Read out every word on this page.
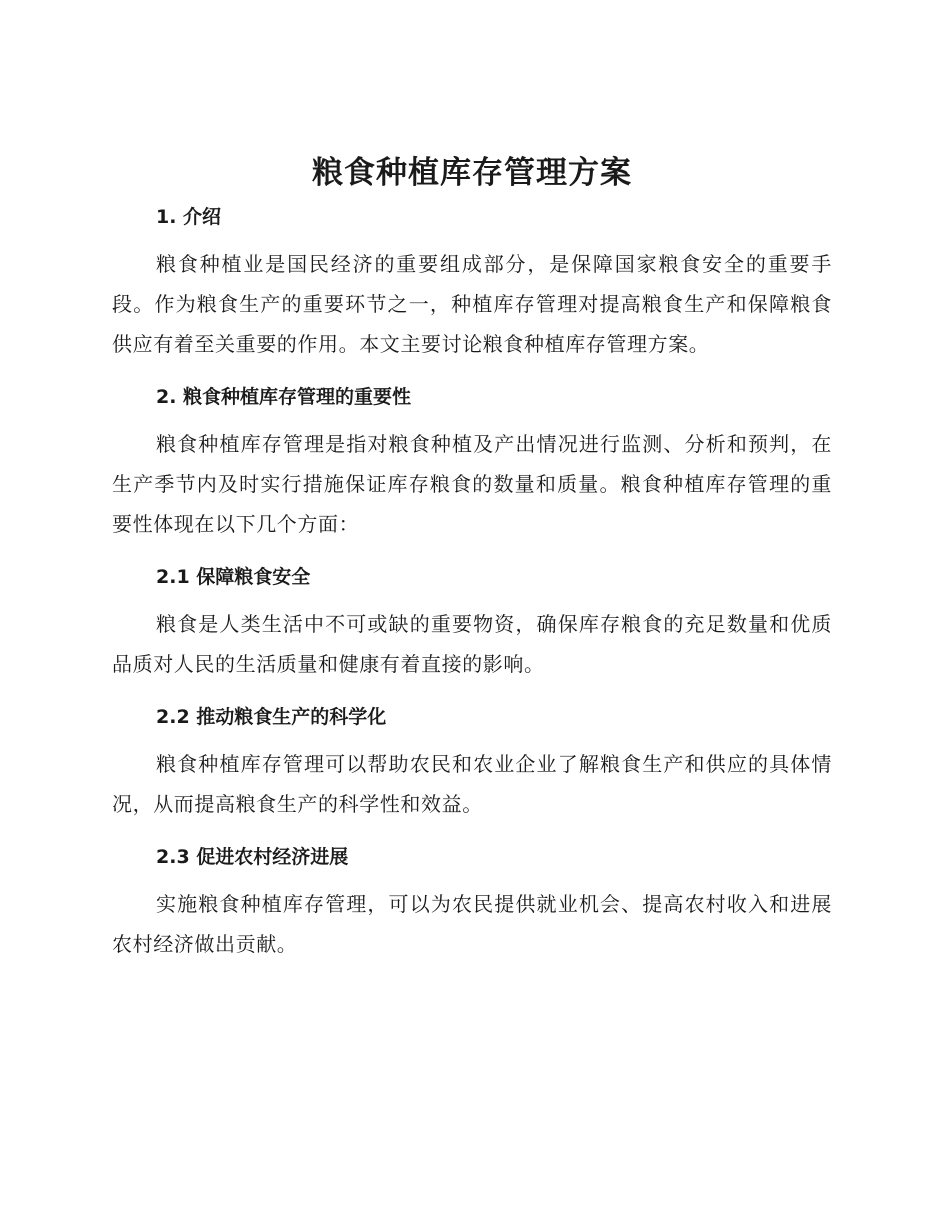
粮食种植库存管理方案
1. 介绍

粮食种植业是国民经济的重要组成部分，是保障国家粮食安全的重要手段。作为粮食生产的重要环节之一，种植库存管理对提高粮食生产和保障粮食供应有着至关重要的作用。本文主要讨论粮食种植库存管理方案。

2. 粮食种植库存管理的重要性

粮食种植库存管理是指对粮食种植及产出情况进行监测、分析和预判，在生产季节内及时实行措施保证库存粮食的数量和质量。粮食种植库存管理的重要性体现在以下几个方面：

2.1 保障粮食安全

粮食是人类生活中不可或缺的重要物资，确保库存粮食的充足数量和优质品质对人民的生活质量和健康有着直接的影响。

2.2 推动粮食生产的科学化

粮食种植库存管理可以帮助农民和农业企业了解粮食生产和供应的具体情况，从而提高粮食生产的科学性和效益。

2.3 促进农村经济进展

实施粮食种植库存管理，可以为农民提供就业机会、提高农村收入和进展农村经济做出贡献。
